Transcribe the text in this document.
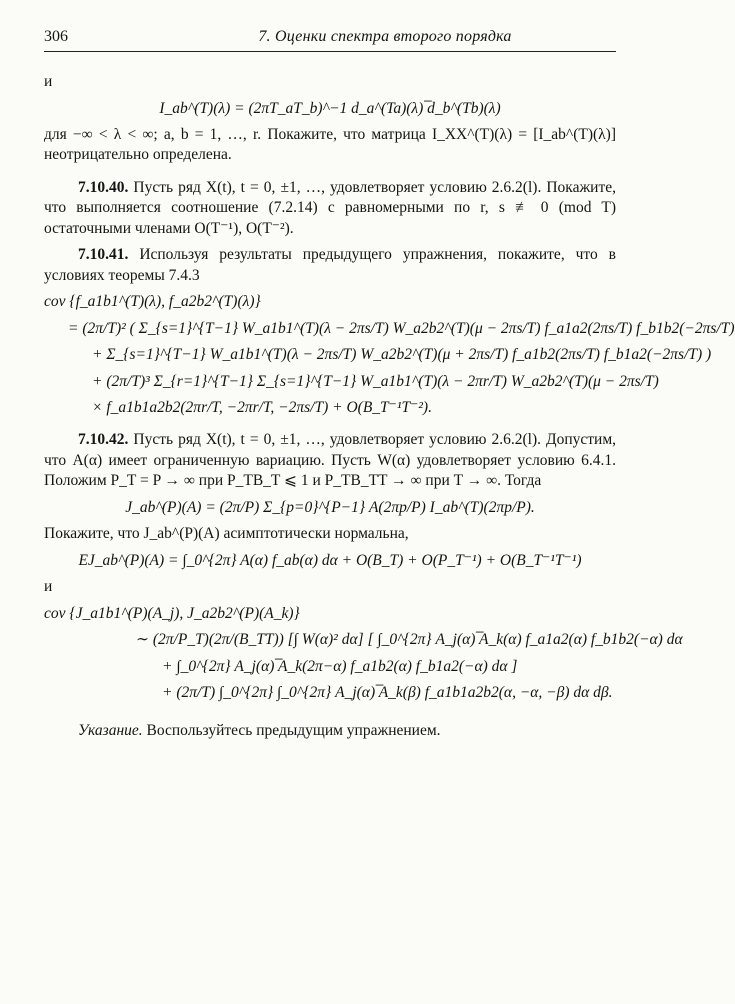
306	7. Оценки спектра второго порядка

и

I_ab^(T)(λ) = (2πT_aT_b)^−1 d_a^(Ta)(λ) ̅d_b^(Tb)(λ)

для −∞ < λ < ∞; a, b = 1, …, r. Покажите, что матрица I_XX^(T)(λ) = [I_ab^(T)(λ)] неотрицательно определена.

7.10.40. Пусть ряд X(t), t = 0, ±1, …, удовлетворяет условию 2.6.2(l). Покажите, что выполняется соотношение (7.2.14) с равномерными по r, s ≢ 0 (mod T) остаточными членами O(T⁻¹), O(T⁻²).

7.10.41. Используя результаты предыдущего упражнения, покажите, что в условиях теоремы 7.4.3

cov {f_a1b1^(T)(λ), f_a2b2^(T)(λ)}
= (2π/T)² ( Σ_{s=1}^{T−1} W_a1b1^(T)(λ − 2πs/T) W_a2b2^(T)(μ − 2πs/T) f_a1a2(2πs/T) f_b1b2(−2πs/T)
+ Σ_{s=1}^{T−1} W_a1b1^(T)(λ − 2πs/T) W_a2b2^(T)(μ + 2πs/T) f_a1b2(2πs/T) f_b1a2(−2πs/T) )
+ (2π/T)³ Σ_{r=1}^{T−1} Σ_{s=1}^{T−1} W_a1b1^(T)(λ − 2πr/T) W_a2b2^(T)(μ − 2πs/T)
× f_a1b1a2b2(2πr/T, −2πr/T, −2πs/T) + O(B_T⁻¹T⁻²).

7.10.42. Пусть ряд X(t), t = 0, ±1, …, удовлетворяет условию 2.6.2(l). Допустим, что A(α) имеет ограниченную вариацию. Пусть W(α) удовлетворяет условию 6.4.1. Положим P_T = P → ∞ при P_TB_T ⩽ 1 и P_TB_TT → ∞ при T → ∞. Тогда

J_ab^(P)(A) = (2π/P) Σ_{p=0}^{P−1} A(2πp/P) I_ab^(T)(2πp/P).

Покажите, что J_ab^(P)(A) асимптотически нормальна,

EJ_ab^(P)(A) = ∫_0^{2π} A(α) f_ab(α) dα + O(B_T) + O(P_T⁻¹) + O(B_T⁻¹T⁻¹)

и

cov {J_a1b1^(P)(A_j), J_a2b2^(P)(A_k)}
∼ (2π/P_T)(2π/(B_TT)) [∫ W(α)² dα] [ ∫_0^{2π} A_j(α) ̅A_k(α) f_a1a2(α) f_b1b2(−α) dα
+ ∫_0^{2π} A_j(α) ̅A_k(2π−α) f_a1b2(α) f_b1a2(−α) dα ]
+ (2π/T) ∫_0^{2π} ∫_0^{2π} A_j(α) ̅A_k(β) f_a1b1a2b2(α, −α, −β) dα dβ.

Указание. Воспользуйтесь предыдущим упражнением.
